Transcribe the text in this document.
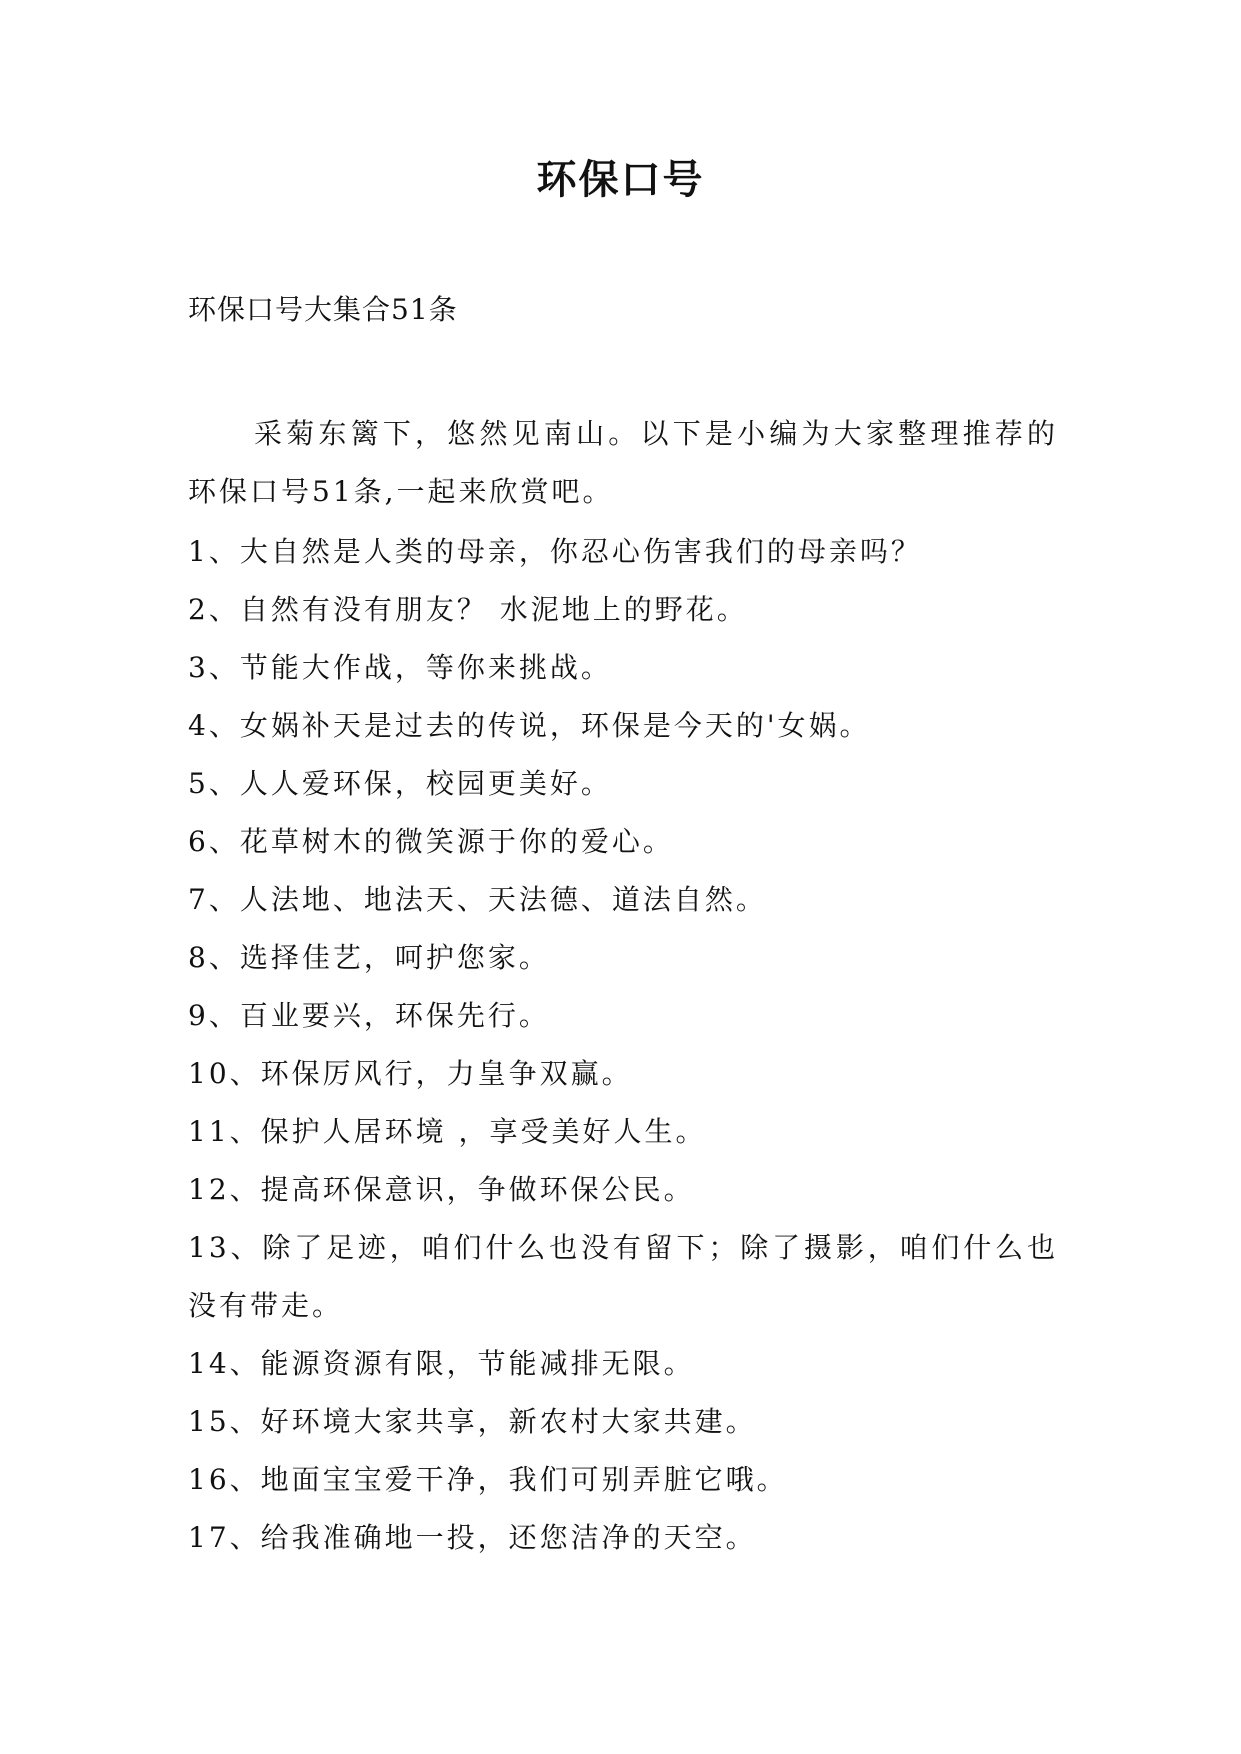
环保口号
环保口号大集合51条
采菊东篱下，悠然见南山。以下是小编为大家整理推荐的环保口号51条,一起来欣赏吧。
1、大自然是人类的母亲，你忍心伤害我们的母亲吗？
2、自然有没有朋友？ 水泥地上的野花。
3、节能大作战，等你来挑战。
4、女娲补天是过去的传说，环保是今天的'女娲。
5、人人爱环保，校园更美好。
6、花草树木的微笑源于你的爱心。
7、人法地、地法天、天法德、道法自然。
8、选择佳艺，呵护您家。
9、百业要兴，环保先行。
10、环保厉风行，力皇争双赢。
11、保护人居环境 ，享受美好人生。
12、提高环保意识，争做环保公民。
13、除了足迹，咱们什么也没有留下；除了摄影，咱们什么也没有带走。
14、能源资源有限，节能减排无限。
15、好环境大家共享，新农村大家共建。
16、地面宝宝爱干净，我们可别弄脏它哦。
17、给我准确地一投，还您洁净的天空。
